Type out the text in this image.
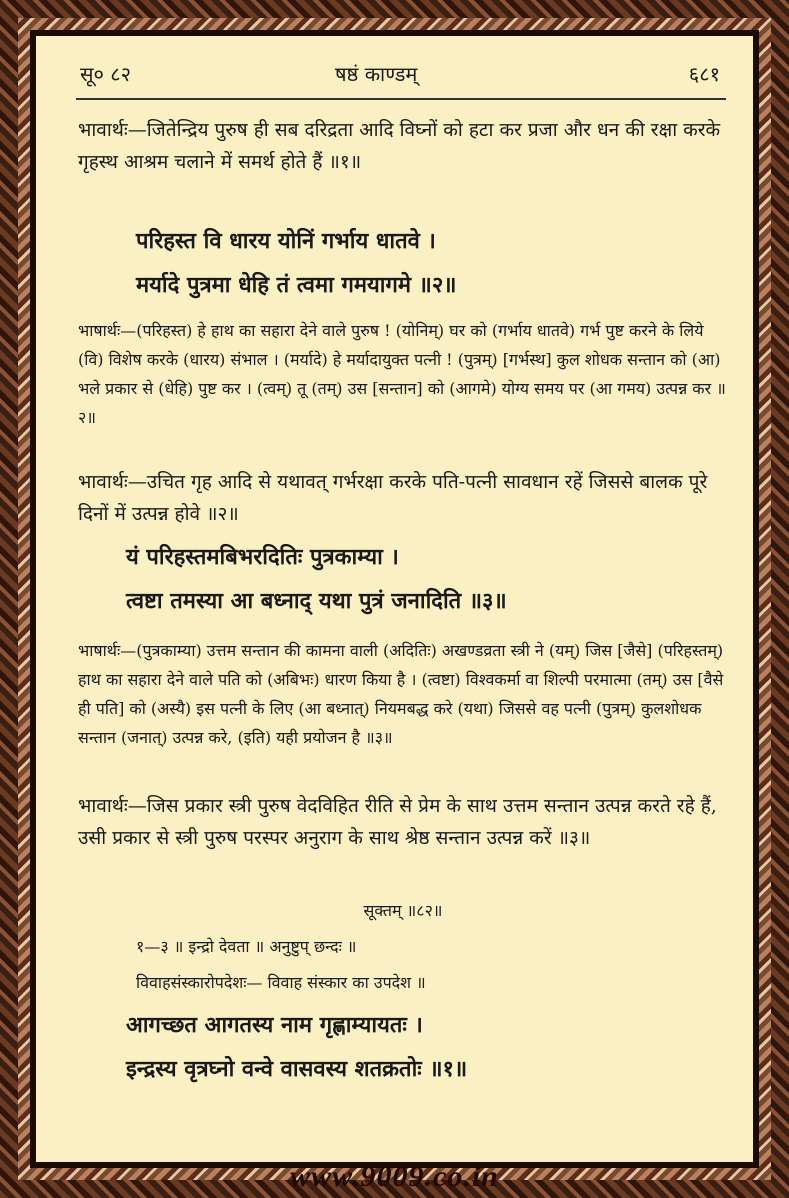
सू० ८२	षष्ठं काण्डम्	६८१
भावार्थः—जितेन्द्रिय पुरुष ही सब दरिद्रता आदि विघ्नों को हटा कर प्रजा और धन की रक्षा करके गृहस्थ आश्रम चलाने में समर्थ होते हैं ॥१॥
परिहस्त वि धारय योनिं गर्भाय धातवे ।
मर्यादे पुत्रमा धेहि तं त्वमा गमयागमे ॥२॥
भाषार्थः—(परिहस्त) हे हाथ का सहारा देने वाले पुरुष ! (योनिम्) घर को (गर्भाय धातवे) गर्भ पुष्ट करने के लिये (वि) विशेष करके (धारय) संभाल । (मर्यादे) हे मर्यादायुक्त पत्नी ! (पुत्रम्) [गर्भस्थ] कुल शोधक सन्तान को (आ) भले प्रकार से (धेहि) पुष्ट कर । (त्वम्) तू (तम्) उस [सन्तान] को (आगमे) योग्य समय पर (आ गमय) उत्पन्न कर ॥२॥
भावार्थः—उचित गृह आदि से यथावत् गर्भरक्षा करके पति-पत्नी सावधान रहें जिससे बालक पूरे दिनों में उत्पन्न होवे ॥२॥
यं परिहस्तमबिभरदितिः पुत्रकाम्या ।
त्वष्टा तमस्या आ बध्नाद् यथा पुत्रं जनादिति ॥३॥
भाषार्थः—(पुत्रकाम्या) उत्तम सन्तान की कामना वाली (अदितिः) अखण्डव्रता स्त्री ने (यम्) जिस [जैसे] (परिहस्तम्) हाथ का सहारा देने वाले पति को (अबिभः) धारण किया है । (त्वष्टा) विश्वकर्मा वा शिल्पी परमात्मा (तम्) उस [वैसे ही पति] को (अस्यै) इस पत्नी के लिए (आ बध्नात्) नियमबद्ध करे (यथा) जिससे वह पत्नी (पुत्रम्) कुलशोधक सन्तान (जनात्) उत्पन्न करे, (इति) यही प्रयोजन है ॥३॥
भावार्थः—जिस प्रकार स्त्री पुरुष वेदविहित रीति से प्रेम के साथ उत्तम सन्तान उत्पन्न करते रहे हैं, उसी प्रकार से स्त्री पुरुष परस्पर अनुराग के साथ श्रेष्ठ सन्तान उत्पन्न करें ॥३॥
सूक्तम् ॥८२॥
१—३ ॥ इन्द्रो देवता ॥ अनुष्टुप् छन्दः ॥
विवाहसंस्कारोपदेशः— विवाह संस्कार का उपदेश ॥
आगच्छत आगतस्य नाम गृह्णाम्यायतः ।
इन्द्रस्य वृत्रघ्नो वन्वे वासवस्य शतक्रतोः ॥१॥
www.9009.co.in
